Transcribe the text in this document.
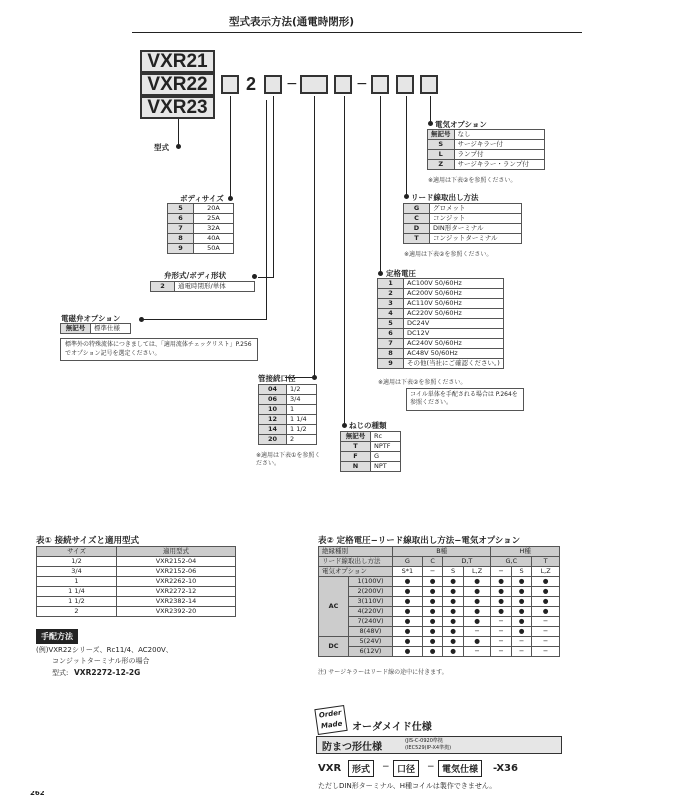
型式表示方法(通電時閉形)
VXR21
VXR22
VXR23
2 −	−
型式
電気オプション
無記号	なし
S	サージキラー付
L	ランプ付
Z	サージキラー・ランプ付
※適用は下表②を参照ください。
リード線取出し方法
G	グロメット
C	コンジット
D	DIN形ターミナル
T	コンジットターミナル
※適用は下表②を参照ください。
定格電圧
1	AC100V 50/60Hz
2	AC200V 50/60Hz
3	AC110V 50/60Hz
4	AC220V 50/60Hz
5	DC24V
6	DC12V
7	AC240V 50/60Hz
8	AC48V 50/60Hz
9	その他(当社にご確認ください。)
※適用は下表②を参照ください。
コイル単体を手配される場合は P.264を参照ください。
ボディサイズ
5	20A
6	25A
7	32A
8	40A
9	50A
弁形式/ボディ形状
2	通電時閉形/単体
電磁弁オプション
無記号	標準仕様
標準外の特殊流体につきましては、「適用流体チェックリスト」P.256でオプション記号を選定ください。
管接続口径
04	1/2
06	3/4
10	1
12	1 1/4
14	1 1/2
20	2
※適用は下表①を参照ください。
ねじの種類
無記号	Rc
T	NPTF
F	G
N	NPT
表① 接続サイズと適用型式
サイズ	適用型式
1/2	VXR2152-04
3/4	VXR2152-06
1	VXR2262-10
1 1/4	VXR2272-12
1 1/2	VXR2382-14
2	VXR2392-20
手配方法
(例)VXR22シリーズ、Rc11/4、AC200V、
コンジットターミナル形の場合
型式: VXR2272-12-2G
表② 定格電圧−リード線取出し方法−電気オプション
絶縁種別		B種				H種		
リード線取出し方法		G	C	D,T		G,C		T
電気オプション		S*1	−	S	L,Z	−	S	L,Z
AC	1(100V)	●	●	●	●	●	●	●
	2(200V)	●	●	●	●	●	●	●
	3(110V)	●	●	●	●	●	●	●
	4(220V)	●	●	●	●	●	●	●
	7(240V)	●	●	●	●	−	●	−
	8(48V)	●	●	●	−	−	●	−
DC	5(24V)	●	●	●	●	−	−	−
	6(12V)	●	●	●	−	−	−	−
注) サージキラーはリード線の途中に付きます。
Order
Made オーダメイド仕様
防まつ形仕様
(JIS-C-0920準拠
(IEC529(IP-X4準拠)
VXR	形式	− 口径	− 電気仕様	-X36
ただしDIN形ターミナル、H種コイルは製作できません。
262
